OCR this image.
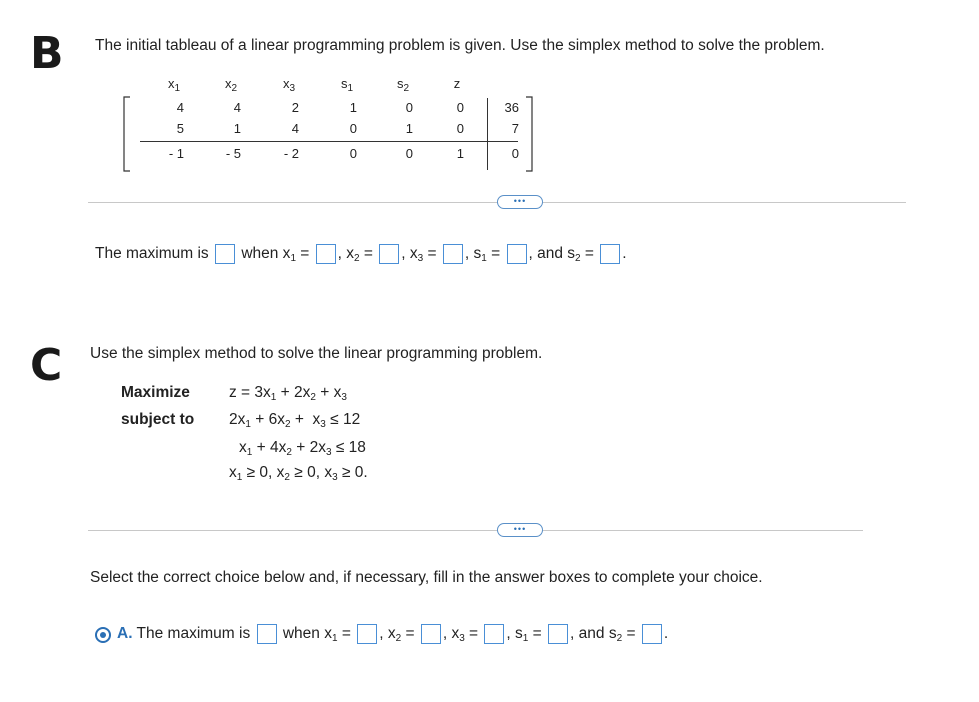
B The initial tableau of a linear programming problem is given. Use the simplex method to solve the problem.
$x_1$	$x_2$	$x_3$	$s_1$	$s_2$	z
4	4	2	1	0	0	36
5	1	4	0	1	0	7
- 1	- 5	- 2	0	0	1	0
•••
The maximum is when $x_1$ = , $x_2$ = , $x_3$ = , $s_1$ = , and $s_2$ = .
C Use the simplex method to solve the linear programming problem.
Maximize	$z = 3x_1 + 2x_2 + x_3$
subject to $2x_1 + 6x_2 + x_3 \le 12$
$x_1 + 4x_2 + 2x_3 \le 18$
$x_1 \ge 0$, $x_2 \ge 0$, $x_3 \ge 0$.
•••
Select the correct choice below and, if necessary, fill in the answer boxes to complete your choice.
A. The maximum is when $x_1$ = , $x_2$ = , $x_3$ = , $s_1$ = , and $s_2$ = .
